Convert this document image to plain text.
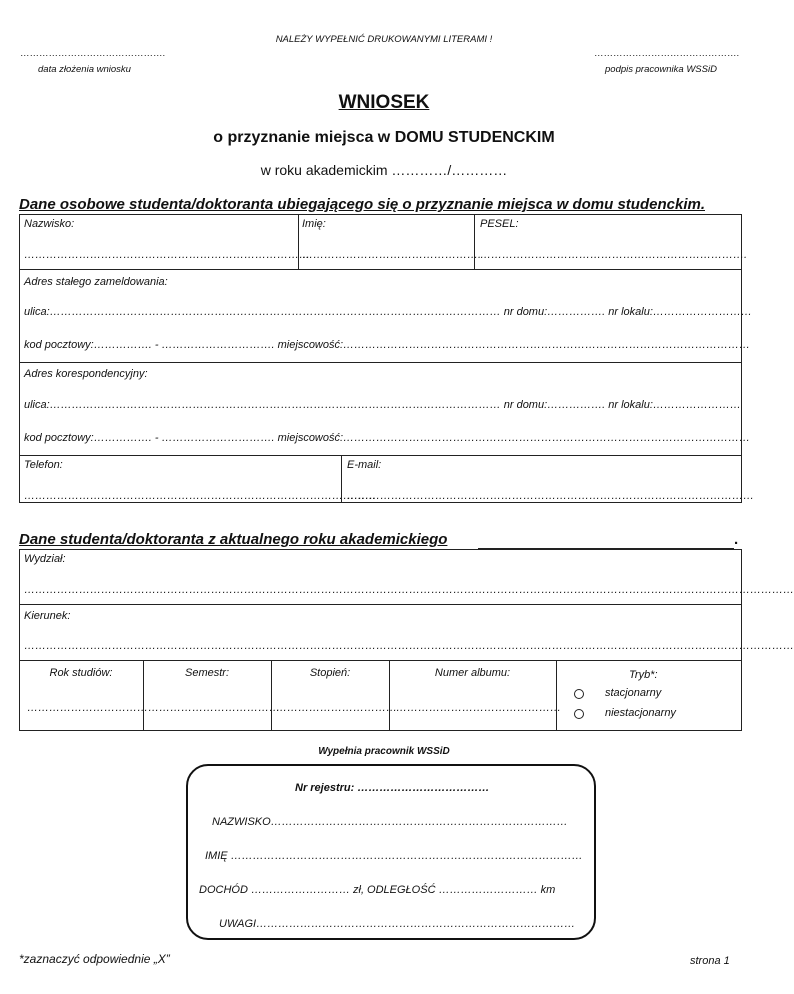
NALEŻY WYPEŁNIĆ DRUKOWANYMI LITERAMI !
……………………………………….
data złożenia wniosku
……………………………………….
podpis pracownika WSSiD
WNIOSEK
o przyznanie miejsca w DOMU STUDENCKIM
w roku akademickim …………/…………
Dane osobowe studenta/doktoranta ubiegającego się o przyznanie miejsca w domu studenckim.
Nazwisko:
……………………………………………………………………
Imię:
………………………………………….
PESEL:
……………………………………………………………….
Adres stałego zameldowania:
ulica:…………………………………………………………………………………………………………… nr domu:……………. nr lokalu:………………………
kod pocztowy:……………. - …………………………. miejscowość:…………………………………………………………………………………………………
Adres korespondencyjny:
ulica:…………………………………………………………………………………………………………… nr domu:……………. nr lokalu:……………………
kod pocztowy:……………. - …………………………. miejscowość:…………………………………………………………………………………………………
Telefon:
……………………………………………………………………………………
E-mail:
…………………………………………………………………………………………………
Dane studenta/doktoranta z aktualnego roku akademickiego	.
Wydział:
…………………………………………………………………………………………………………………………………………………………………………………………
Kierunek:
…………………………………………………………………………………………………………………………………………………………………………………………
Rok studiów:
……………………………
Semestr:
………………………………
Stopień:
……………………………
Numer albumu:
………………………………………
Tryb*:
stacjonarny
niestacjonarny
Wypełnia pracownik WSSiD
Nr rejestru: ………………………………
NAZWISKO………………………………………………………………………
IMIĘ ……………………………………………………………………………………
DOCHÓD ……………………… zł, ODLEGŁOŚĆ ……………………… km
UWAGI……………………………………………………………………………
*zaznaczyć odpowiednie „X”	strona 1
